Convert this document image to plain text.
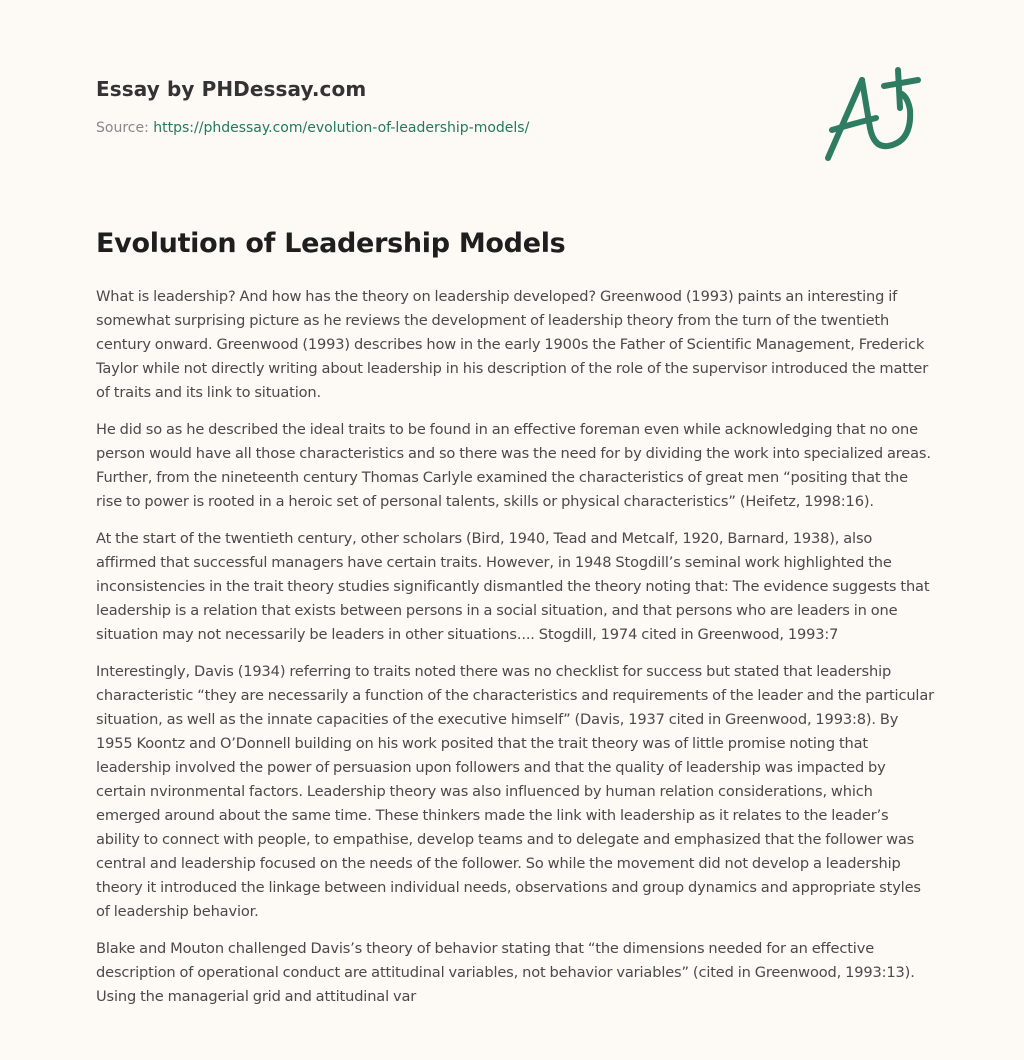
Essay by PHDessay.com
Source: https://phdessay.com/evolution-of-leadership-models/
Evolution of Leadership Models

What is leadership? And how has the theory on leadership developed? Greenwood (1993) paints an interesting if somewhat surprising picture as he reviews the development of leadership theory from the turn of the twentieth century onward. Greenwood (1993) describes how in the early 1900s the Father of Scientific Management, Frederick Taylor while not directly writing about leadership in his description of the role of the supervisor introduced the matter of traits and its link to situation.

He did so as he described the ideal traits to be found in an effective foreman even while acknowledging that no one person would have all those characteristics and so there was the need for by dividing the work into specialized areas. Further, from the nineteenth century Thomas Carlyle examined the characteristics of great men “positing that the rise to power is rooted in a heroic set of personal talents, skills or physical characteristics” (Heifetz, 1998:16).

At the start of the twentieth century, other scholars (Bird, 1940, Tead and Metcalf, 1920, Barnard, 1938), also affirmed that successful managers have certain traits. However, in 1948 Stogdill’s seminal work highlighted the inconsistencies in the trait theory studies significantly dismantled the theory noting that: The evidence suggests that leadership is a relation that exists between persons in a social situation, and that persons who are leaders in one situation may not necessarily be leaders in other situations.... Stogdill, 1974 cited in Greenwood, 1993:7

Interestingly, Davis (1934) referring to traits noted there was no checklist for success but stated that leadership characteristic “they are necessarily a function of the characteristics and requirements of the leader and the particular situation, as well as the innate capacities of the executive himself” (Davis, 1937 cited in Greenwood, 1993:8). By 1955 Koontz and O’Donnell building on his work posited that the trait theory was of little promise noting that leadership involved the power of persuasion upon followers and that the quality of leadership was impacted by certain nvironmental factors. Leadership theory was also influenced by human relation considerations, which emerged around about the same time. These thinkers made the link with leadership as it relates to the leader’s ability to connect with people, to empathise, develop teams and to delegate and emphasized that the follower was central and leadership focused on the needs of the follower. So while the movement did not develop a leadership theory it introduced the linkage between individual needs, observations and group dynamics and appropriate styles of leadership behavior.

Blake and Mouton challenged Davis’s theory of behavior stating that “the dimensions needed for an effective description of operational conduct are attitudinal variables, not behavior variables” (cited in Greenwood, 1993:13). Using the managerial grid and attitudinal var
